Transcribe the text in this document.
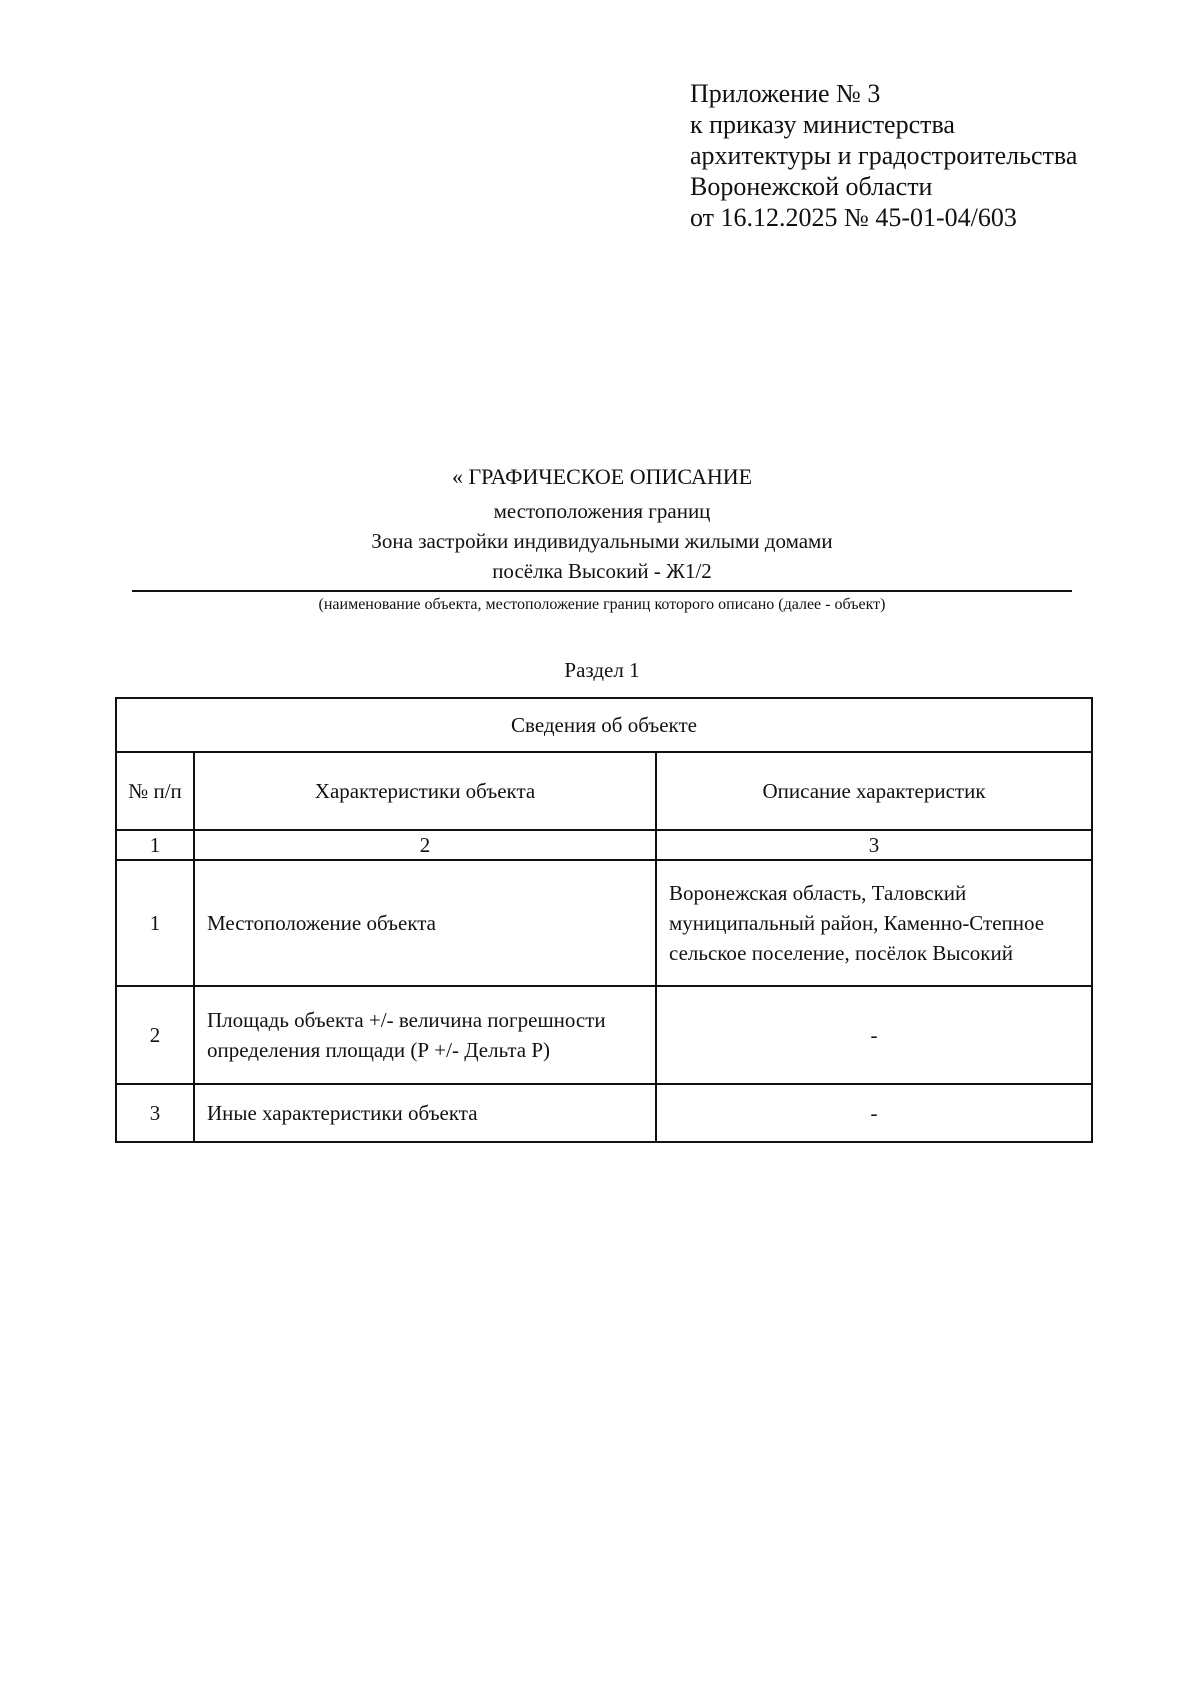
Приложение № 3
к приказу министерства
архитектуры и градостроительства
Воронежской области
от 16.12.2025 № 45-01-04/603
« ГРАФИЧЕСКОЕ ОПИСАНИЕ
местоположения границ
Зона застройки индивидуальными жилыми домами
посёлка Высокий - Ж1/2
(наименование объекта, местоположение границ которого описано (далее - объект)
Раздел 1
Сведения об объекте		
№ п/п	Характеристики объекта	Описание характеристик
1	2	3
1	Местоположение объекта	Воронежская область, Таловский муниципальный район, Каменно-Степное сельское поселение, посёлок Высокий
2	Площадь объекта +/- величина погрешности определения площади (Р +/- Дельта Р)	-
3	Иные характеристики объекта	-
